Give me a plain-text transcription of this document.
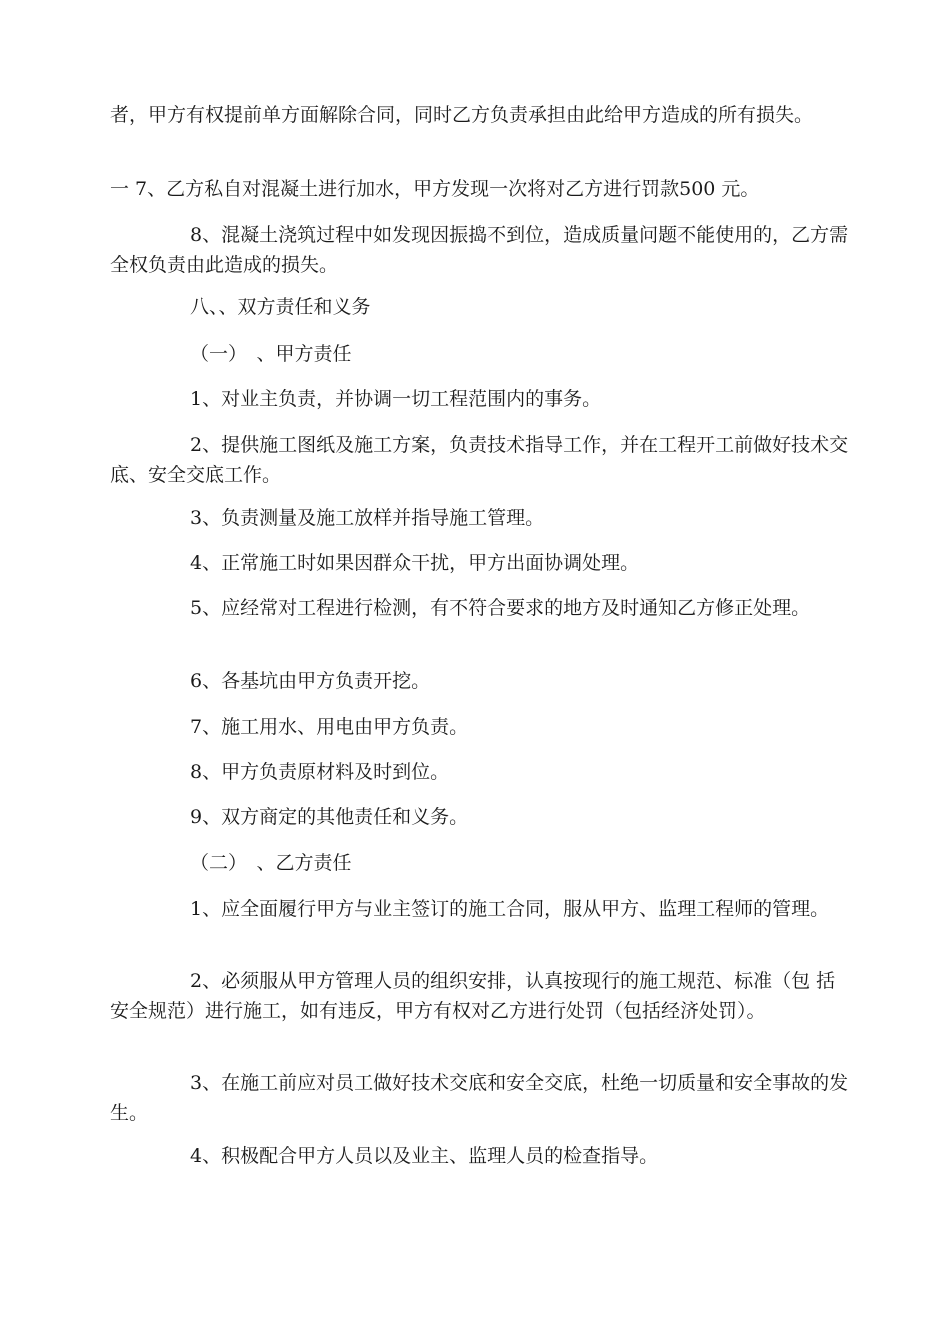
者，甲方有权提前单方面解除合同，同时乙方负责承担由此给甲方造成的所有损失。

一 7、乙方私自对混凝土进行加水，甲方发现一次将对乙方进行罚款500 元。

8、混凝土浇筑过程中如发现因振捣不到位，造成质量问题不能使用的，乙方需全权负责由此造成的损失。

八、、双方责任和义务

（一）　、甲方责任

1、对业主负责，并协调一切工程范围内的事务。

2、提供施工图纸及施工方案，负责技术指导工作，并在工程开工前做好技术交底、安全交底工作。

3、负责测量及施工放样并指导施工管理。

4、正常施工时如果因群众干扰，甲方出面协调处理。

5、应经常对工程进行检测，有不符合要求的地方及时通知乙方修正处理。

6、各基坑由甲方负责开挖。

7、施工用水、用电由甲方负责。

8、甲方负责原材料及时到位。

9、双方商定的其他责任和义务。

（二）　、乙方责任

1、应全面履行甲方与业主签订的施工合同，服从甲方、监理工程师的管理。

2、必须服从甲方管理人员的组织安排，认真按现行的施工规范、标准（包 括安全规范）进行施工，如有违反，甲方有权对乙方进行处罚（包括经济处罚）。

3、在施工前应对员工做好技术交底和安全交底，杜绝一切质量和安全事故的发生。

4、积极配合甲方人员以及业主、监理人员的检查指导。
